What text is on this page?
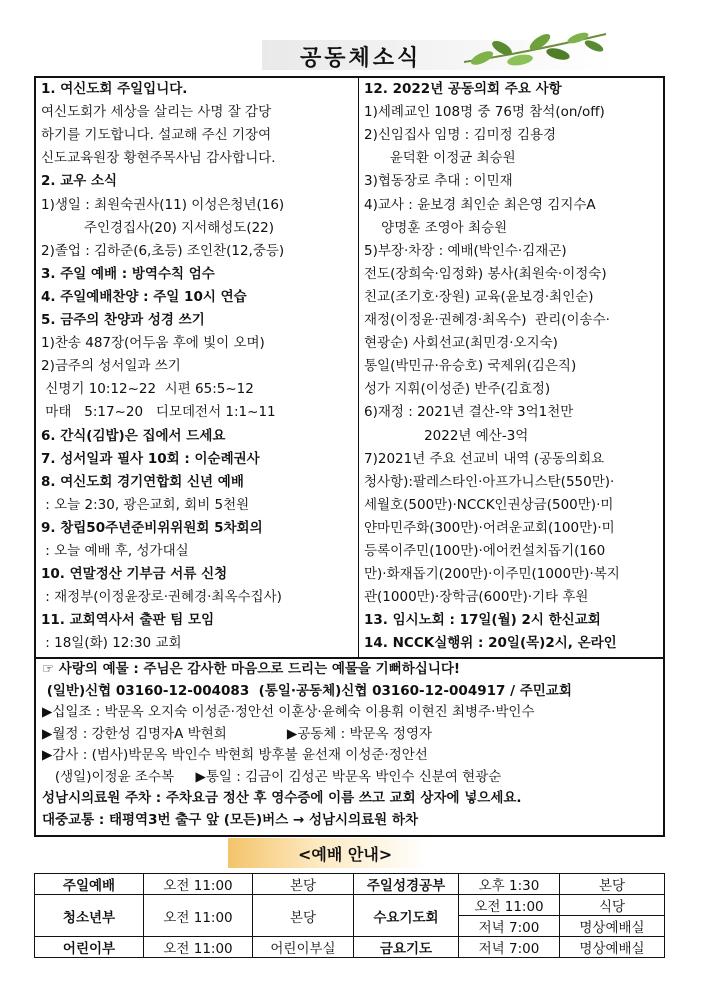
공동체소식
1. 여신도회 주일입니다.
여신도회가 세상을 살리는 사명 잘 감당
하기를 기도합니다. 설교해 주신 기장여
신도교육원장 황현주목사님 감사합니다.
2. 교우 소식
1)생일 : 최원숙권사(11) 이성은청년(16)
주인경집사(20) 지서해성도(22)
2)졸업 : 김하준(6,초등) 조인찬(12,중등)
3. 주일 예배 : 방역수칙 엄수
4. 주일예배찬양 : 주일 10시 연습
5. 금주의 찬양과 성경 쓰기
1)찬송 487장(어두움 후에 빛이 오며)
2)금주의 성서일과 쓰기
신명기 10:12~22  시편 65:5~12
마태   5:17~20   디모데전서 1:1~11
6. 간식(김밥)은 집에서 드세요
7. 성서일과 필사 10회 : 이순례권사
8. 여신도회 경기연합회 신년 예배
: 오늘 2:30, 광은교회, 회비 5천원
9. 창립50주년준비위위원회 5차회의
: 오늘 예배 후, 성가대실
10. 연말정산 기부금 서류 신청
: 재정부(이정윤장로·권혜경·최옥수집사)
11. 교회역사서 출판 팀 모임
: 18일(화) 12:30 교회
12. 2022년 공동의회 주요 사항
1)세례교인 108명 중 76명 참석(on/off)
2)신임집사 임명 : 김미정 김용경
윤덕환 이정균 최승원
3)협동장로 추대 : 이민재
4)교사 : 윤보경 최인순 최은영 김지수A
양명훈 조영아 최승원
5)부장·차장 : 예배(박인수·김재곤)
전도(장희숙·임정화) 봉사(최원숙·이정숙)
친교(조기호·장원) 교육(윤보경·최인순)
재정(이정윤·권혜경·최옥수)  관리(이송수·
현광순) 사회선교(최민경·오지숙)
통일(박민규·유승호) 국제위(김은직)
성가 지휘(이성준) 반주(김효정)
6)재정 : 2021년 결산-약 3억1천만
2022년 예산-3억
7)2021년 주요 선교비 내역 (공동의회요
청사항):팔레스타인·아프가니스탄(550만)·
세월호(500만)·NCCK인권상금(500만)·미
얀마민주화(300만)·어려운교회(100만)·미
등록이주민(100만)·에어컨설치돕기(160
만)·화재돕기(200만)·이주민(1000만)·복지
관(1000만)·장학금(600만)·기타 후원
13. 임시노회 : 17일(월) 2시 한신교회
14. NCCK실행위 : 20일(목)2시, 온라인
☞ 사랑의 예물 : 주님은 감사한 마음으로 드리는 예물을 기뻐하십니다!
(일반)신협 03160-12-004083  (통일·공동체)신협 03160-12-004917 / 주민교회
▶십일조 : 박문옥 오지숙 이성준·정안선 이훈상·윤혜숙 이용휘 이현진 최병주·박인수
▶월정 : 강한성 김명자A 박현희              ▶공동체 : 박문옥 정영자
▶감사 : (범사)박문옥 박인수 박현희 방후불 윤선재 이성준·정안선
(생일)이정윤 조수복     ▶통일 : 김금이 김성곤 박문옥 박인수 신분여 현광순
성남시의료원 주차 : 주차요금 정산 후 영수증에 이름 쓰고 교회 상자에 넣으세요.
대중교통 : 태평역3번 출구 앞 (모든)버스 → 성남시의료원 하차
<예배 안내>
주일예배	오전 11:00	본당	주일성경공부	오후 1:30	본당
청소년부	오전 11:00	본당	수요기도회	오전 11:00	식당
				저녁 7:00	명상예배실
어린이부	오전 11:00	어린이부실	금요기도	저녁 7:00	명상예배실
